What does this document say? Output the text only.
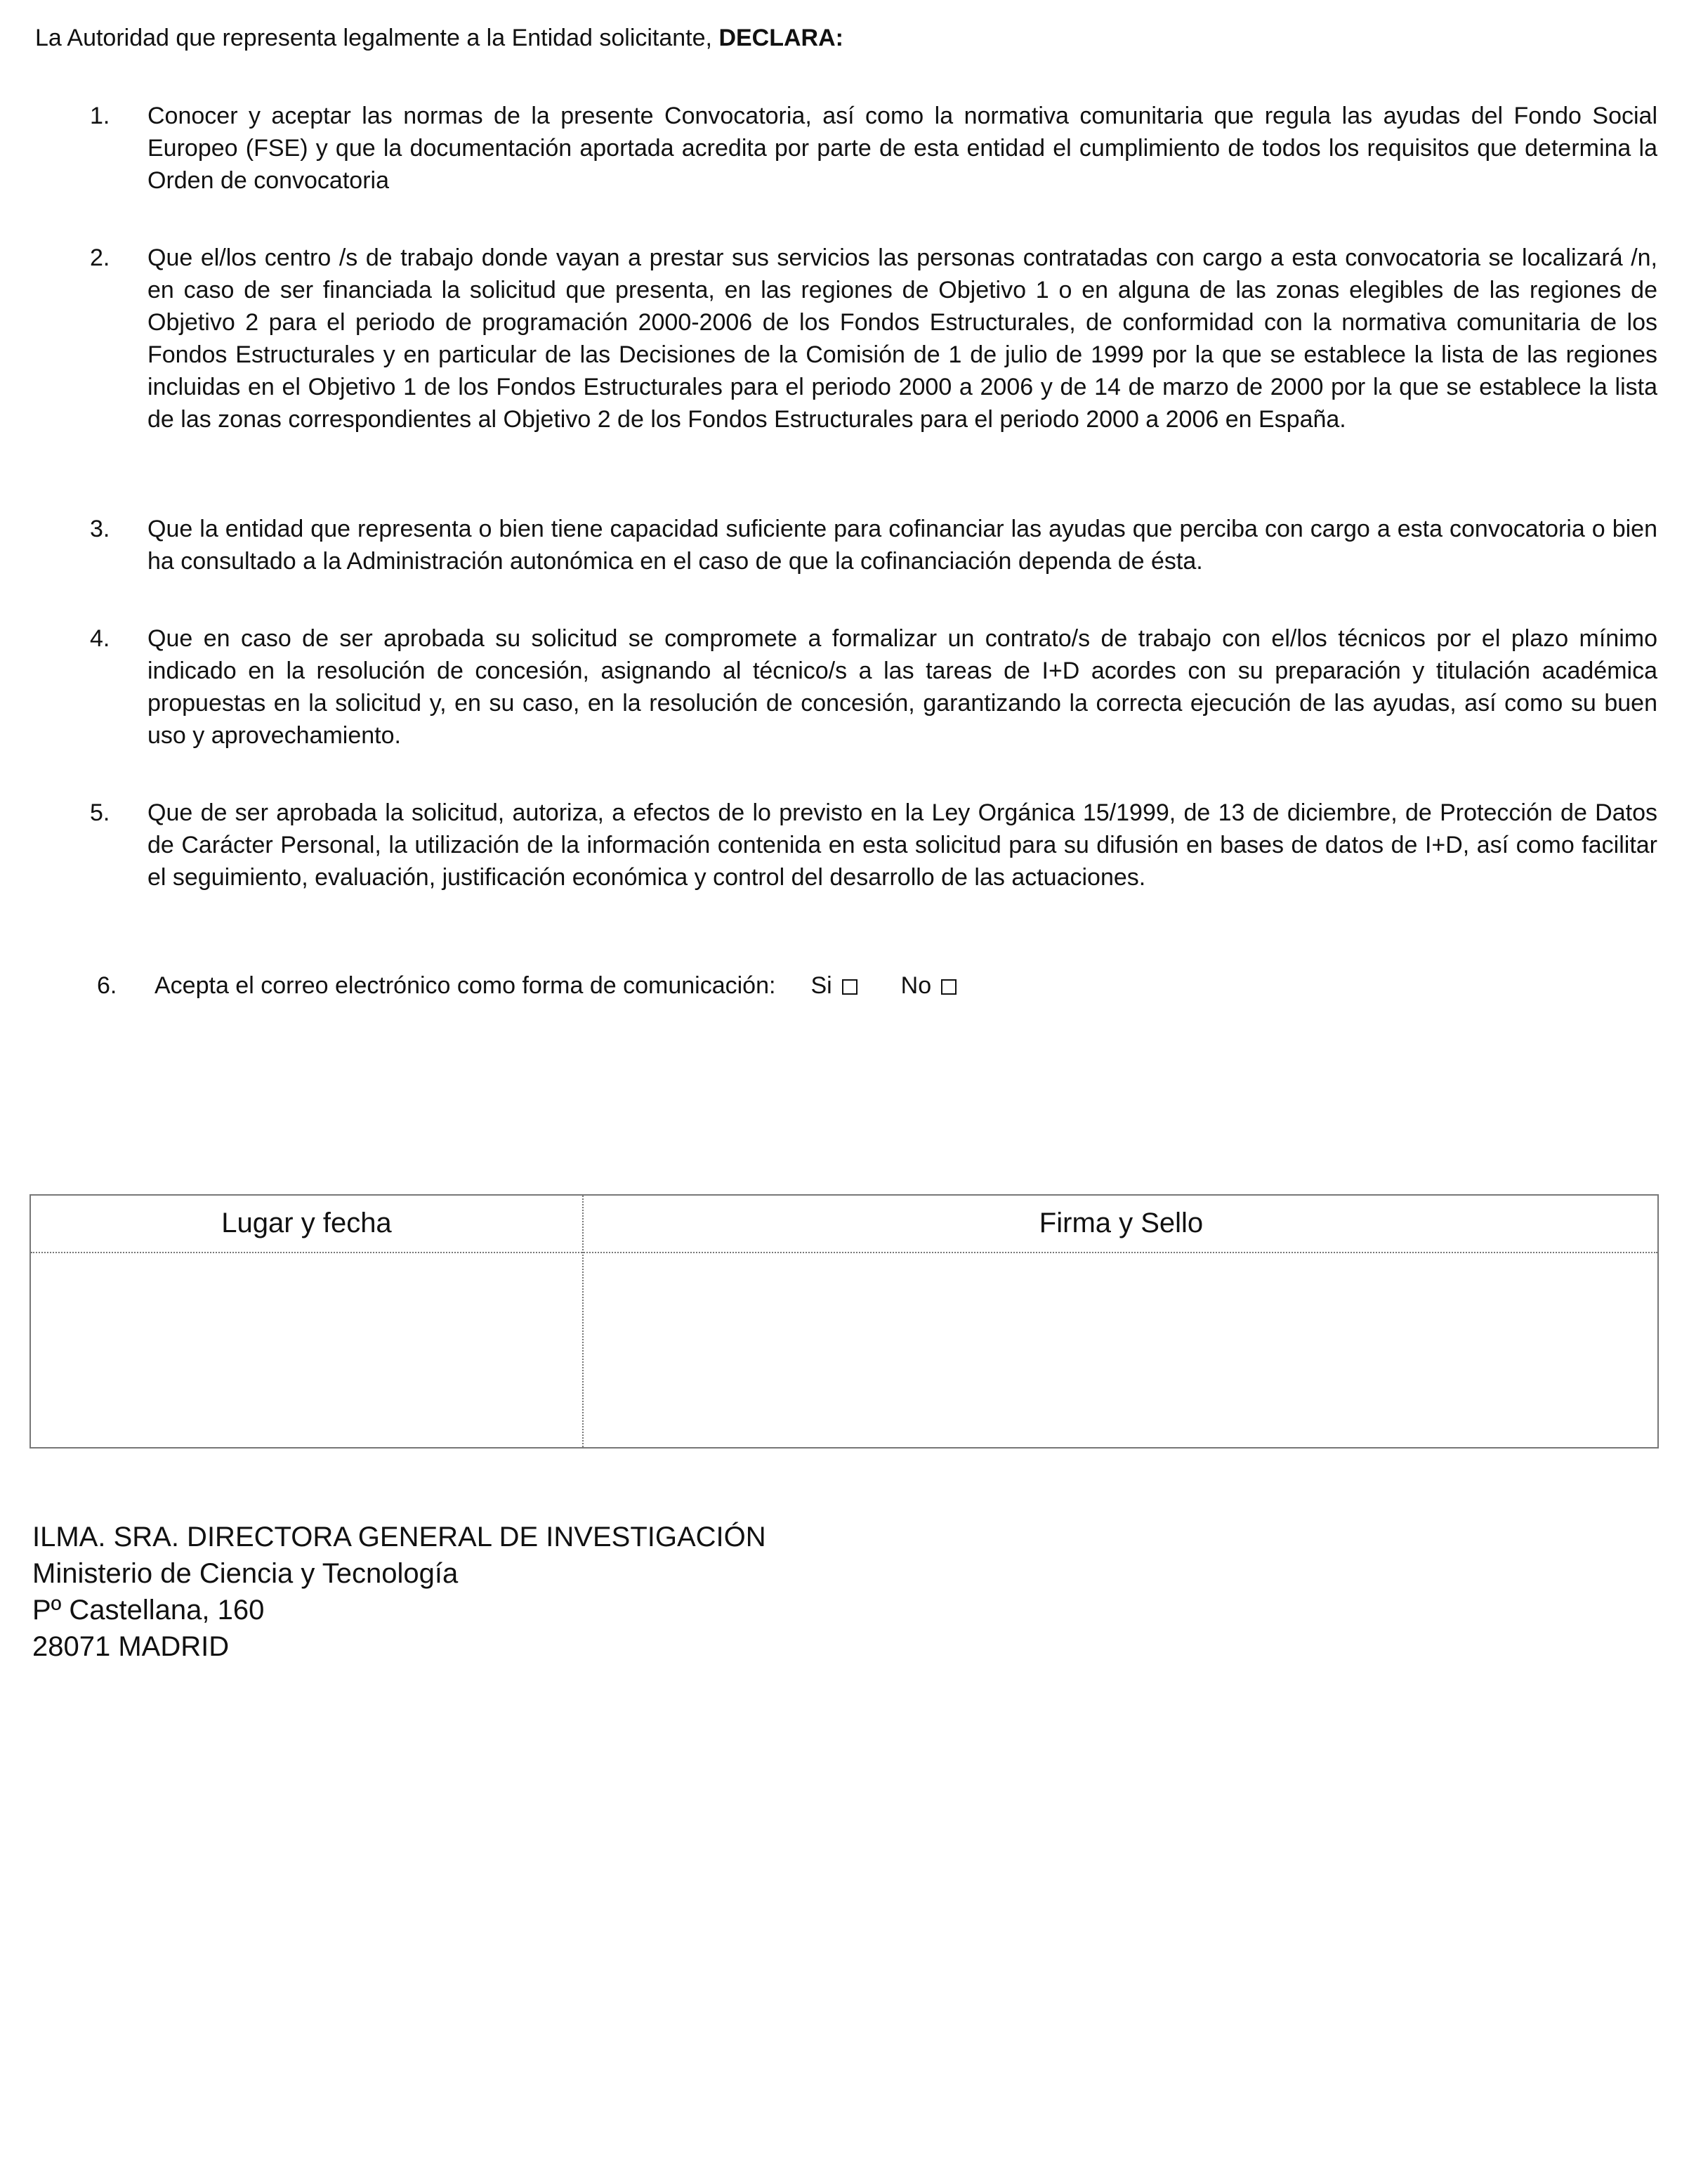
La Autoridad que representa legalmente a la Entidad solicitante, DECLARA:
1.	Conocer y aceptar las normas de la presente Convocatoria, así como la normativa comunitaria que regula las ayudas del Fondo Social Europeo (FSE) y que la documentación aportada acredita por parte de esta entidad el cumplimiento de todos los requisitos que determina la Orden de convocatoria
2.	Que el/los centro /s de trabajo donde vayan a prestar sus servicios las personas contratadas con cargo a esta convocatoria se localizará /n, en caso de ser financiada la solicitud que presenta, en las regiones de Objetivo 1 o en alguna de las zonas elegibles de las regiones de Objetivo 2 para el periodo de programación 2000-2006 de los Fondos Estructurales, de conformidad con la normativa comunitaria de los Fondos Estructurales y en particular de las Decisiones de la Comisión de 1 de julio de 1999 por la que se establece la lista de las regiones incluidas en el Objetivo 1 de los Fondos Estructurales para el periodo 2000 a 2006 y de 14 de marzo de 2000 por la que se establece la lista de las zonas correspondientes al Objetivo 2 de los Fondos Estructurales para el periodo 2000 a 2006 en España.
3.	Que la entidad que representa o bien tiene capacidad suficiente para cofinanciar las ayudas que perciba con cargo a esta convocatoria o bien ha consultado a la Administración autonómica en el caso de que la cofinanciación dependa de ésta.
4.	Que en caso de ser aprobada su solicitud se compromete a formalizar un contrato/s de trabajo con el/los técnicos por el plazo mínimo indicado en la resolución de concesión, asignando al técnico/s a las tareas de I+D acordes con su preparación y titulación académica propuestas en la solicitud y, en su caso, en la resolución de concesión, garantizando la correcta ejecución de las ayudas, así como su buen uso y aprovechamiento.
5.	Que de ser aprobada la solicitud, autoriza, a efectos de lo previsto en la Ley Orgánica 15/1999, de 13 de diciembre, de Protección de Datos de Carácter Personal, la utilización de la información contenida en esta solicitud para su difusión en bases de datos de I+D, así como facilitar el seguimiento, evaluación, justificación económica y control del desarrollo de las actuaciones.
6.	Acepta el correo electrónico como forma de comunicación: Si	No
Lugar y fecha	Firma y Sello
ILMA. SRA. DIRECTORA GENERAL DE INVESTIGACIÓN
Ministerio de Ciencia y Tecnología
Pº Castellana, 160
28071 MADRID
